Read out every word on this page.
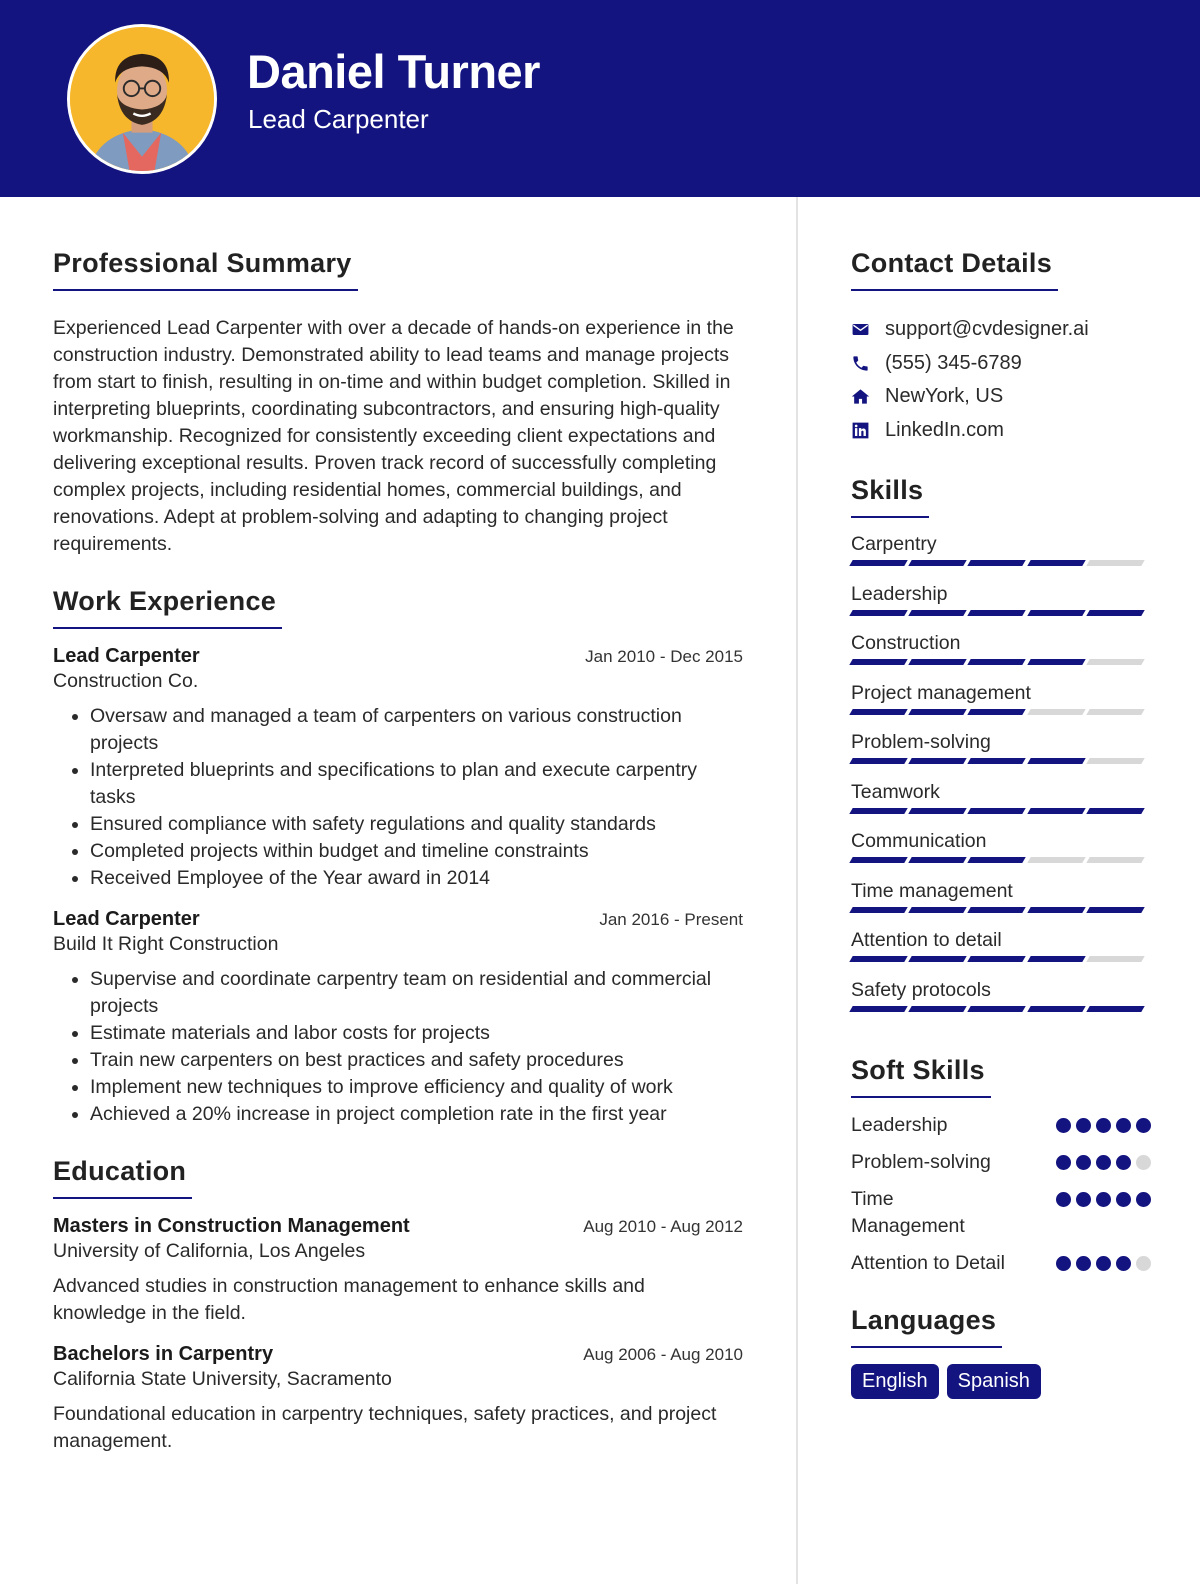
Daniel Turner
Lead Carpenter
Professional Summary

Experienced Lead Carpenter with over a decade of hands-on experience in the construction industry. Demonstrated ability to lead teams and manage projects from start to finish, resulting in on-time and within budget completion. Skilled in interpreting blueprints, coordinating subcontractors, and ensuring high-quality workmanship. Recognized for consistently exceeding client expectations and delivering exceptional results. Proven track record of successfully completing complex projects, including residential homes, commercial buildings, and renovations. Adept at problem-solving and adapting to changing project requirements.

Work Experience
Lead Carpenter	Jan 2010 - Dec 2015
Construction Co.
• Oversaw and managed a team of carpenters on various construction projects
• Interpreted blueprints and specifications to plan and execute carpentry tasks
• Ensured compliance with safety regulations and quality standards
• Completed projects within budget and timeline constraints
• Received Employee of the Year award in 2014
Lead Carpenter	Jan 2016 - Present
Build It Right Construction
• Supervise and coordinate carpentry team on residential and commercial projects
• Estimate materials and labor costs for projects
• Train new carpenters on best practices and safety procedures
• Implement new techniques to improve efficiency and quality of work
• Achieved a 20% increase in project completion rate in the first year
Education
Masters in Construction Management	Aug 2010 - Aug 2012
University of California, Los Angeles

Advanced studies in construction management to enhance skills and knowledge in the field.

Bachelors in Carpentry	Aug 2006 - Aug 2010
California State University, Sacramento

Foundational education in carpentry techniques, safety practices, and project management.

Contact Details
support@cvdesigner.ai
(555) 345-6789
NewYork, US
LinkedIn.com
Skills
Carpentry
Leadership
Construction
Project management
Problem-solving
Teamwork
Communication
Time management
Attention to detail
Safety protocols
Soft Skills
Leadership
Problem-solving
Time Management
Attention to Detail
Languages
English	Spanish
